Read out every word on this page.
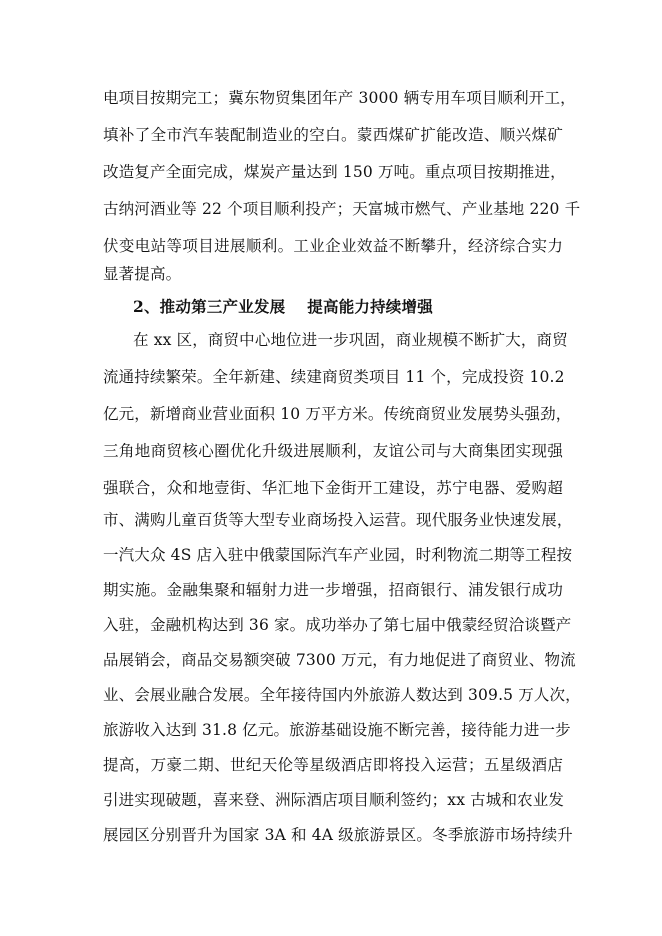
电项目按期完工；冀东物贸集团年产 3000 辆专用车项目顺利开工，
填补了全市汽车装配制造业的空白。蒙西煤矿扩能改造、顺兴煤矿
改造复产全面完成，煤炭产量达到 150 万吨。重点项目按期推进，
古纳河酒业等 22 个项目顺利投产；天富城市燃气、产业基地 220 千
伏变电站等项目进展顺利。工业企业效益不断攀升，经济综合实力
显著提高。
2、推动第三产业发展 提高能力持续增强
在 xx 区，商贸中心地位进一步巩固，商业规模不断扩大，商贸
流通持续繁荣。全年新建、续建商贸类项目 11 个，完成投资 10.2
亿元，新增商业营业面积 10 万平方米。传统商贸业发展势头强劲，
三角地商贸核心圈优化升级进展顺利，友谊公司与大商集团实现强
强联合，众和地壹街、华汇地下金街开工建设，苏宁电器、爱购超
市、满购儿童百货等大型专业商场投入运营。现代服务业快速发展，
一汽大众 4S 店入驻中俄蒙国际汽车产业园，时利物流二期等工程按
期实施。金融集聚和辐射力进一步增强，招商银行、浦发银行成功
入驻，金融机构达到 36 家。成功举办了第七届中俄蒙经贸洽谈暨产
品展销会，商品交易额突破 7300 万元，有力地促进了商贸业、物流
业、会展业融合发展。全年接待国内外旅游人数达到 309.5 万人次，
旅游收入达到 31.8 亿元。旅游基础设施不断完善，接待能力进一步
提高，万豪二期、世纪天伦等星级酒店即将投入运营；五星级酒店
引进实现破题，喜来登、洲际酒店项目顺利签约；xx 古城和农业发
展园区分别晋升为国家 3A 和 4A 级旅游景区。冬季旅游市场持续升
